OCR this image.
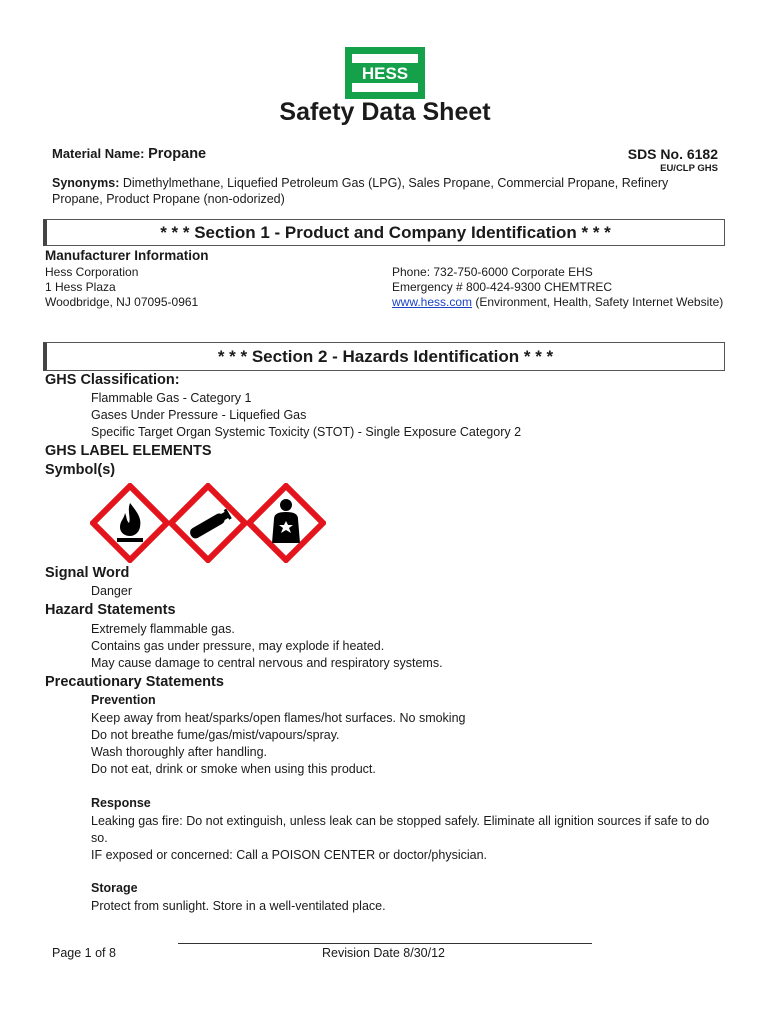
HESS
Safety Data Sheet
Material Name: Propane	SDS No. 6182
EU/CLP GHS
Synonyms: Dimethylmethane, Liquefied Petroleum Gas (LPG), Sales Propane, Commercial Propane, Refinery
Propane, Product Propane (non-odorized)
* * * Section 1 - Product and Company Identification * * *
Manufacturer Information
Hess Corporation
1 Hess Plaza
Woodbridge, NJ 07095-0961
Phone: 732-750-6000 Corporate EHS
Emergency # 800-424-9300 CHEMTREC
www.hess.com (Environment, Health, Safety Internet Website)
* * * Section 2 - Hazards Identification * * *
GHS Classification:
Flammable Gas - Category 1
Gases Under Pressure - Liquefied Gas
Specific Target Organ Systemic Toxicity (STOT) - Single Exposure Category 2
GHS LABEL ELEMENTS
Symbol(s)
Signal Word
Danger
Hazard Statements
Extremely flammable gas.
Contains gas under pressure, may explode if heated.
May cause damage to central nervous and respiratory systems.
Precautionary Statements
Prevention
Keep away from heat/sparks/open flames/hot surfaces. No smoking
Do not breathe fume/gas/mist/vapours/spray.
Wash thoroughly after handling.
Do not eat, drink or smoke when using this product.
Response
Leaking gas fire: Do not extinguish, unless leak can be stopped safely. Eliminate all ignition sources if safe to do
so.
IF exposed or concerned: Call a POISON CENTER or doctor/physician.
Storage
Protect from sunlight. Store in a well-ventilated place.
Page 1 of 8	Revision Date 8/30/12
